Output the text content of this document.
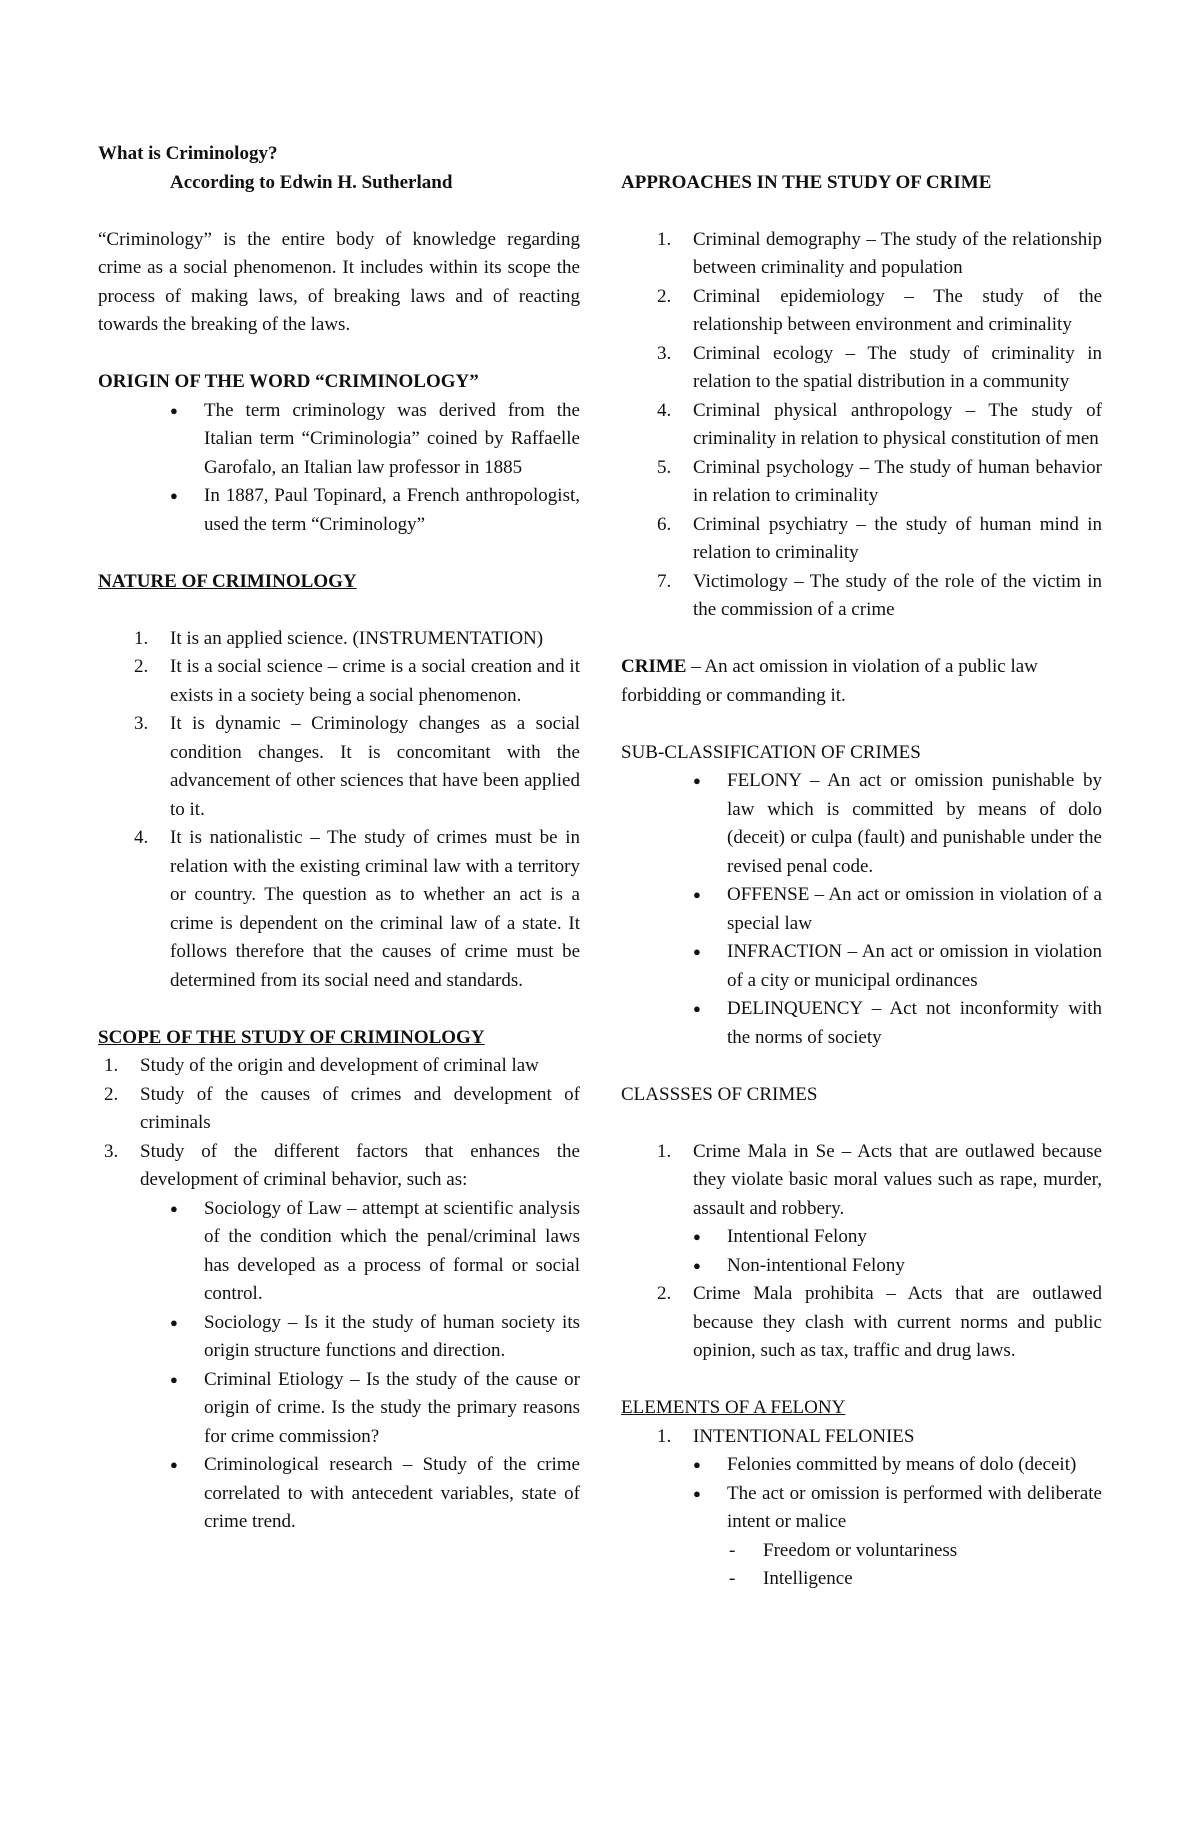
What is Criminology?

According to Edwin H. Sutherland

“Criminology” is the entire body of knowledge regarding crime as a social phenomenon. It includes within its scope the process of making laws, of breaking laws and of reacting towards the breaking of the laws.

ORIGIN OF THE WORD “CRIMINOLOGY”

● The term criminology was derived from the Italian term “Criminologia” coined by Raffaelle Garofalo, an Italian law professor in 1885
● In 1887, Paul Topinard, a French anthropologist, used the term “Criminology”

NATURE OF CRIMINOLOGY

1.	It is an applied science. (INSTRUMENTATION)
2.	It is a social science – crime is a social creation and it exists in a society being a social phenomenon.
3.	It is dynamic – Criminology changes as a social condition changes. It is concomitant with the advancement of other sciences that have been applied to it.
4.	It is nationalistic – The study of crimes must be in relation with the existing criminal law with a territory or country. The question as to whether an act is a crime is dependent on the criminal law of a state. It follows therefore that the causes of crime must be determined from its social need and standards.

SCOPE OF THE STUDY OF CRIMINOLOGY

1.	Study of the origin and development of criminal law
2.	Study of the causes of crimes and development of criminals
3.	Study of the different factors that enhances the development of criminal behavior, such as:
● Sociology of Law – attempt at scientific analysis of the condition which the penal/criminal laws has developed as a process of formal or social control.
● Sociology – Is it the study of human society its origin structure functions and direction.
● Criminal Etiology – Is the study of the cause or origin of crime. Is the study the primary reasons for crime commission?
● Criminological research – Study of the crime correlated to with antecedent variables, state of crime trend.

APPROACHES IN THE STUDY OF CRIME

1.	Criminal demography – The study of the relationship between criminality and population
2.	Criminal epidemiology – The study of the relationship between environment and criminality
3.	Criminal ecology – The study of criminality in relation to the spatial distribution in a community
4.	Criminal physical anthropology – The study of criminality in relation to physical constitution of men
5.	Criminal psychology – The study of human behavior in relation to criminality
6.	Criminal psychiatry – the study of human mind in relation to criminality
7.	Victimology – The study of the role of the victim in the commission of a crime

CRIME – An act omission in violation of a public law forbidding or commanding it.

SUB-CLASSIFICATION OF CRIMES

● FELONY – An act or omission punishable by law which is committed by means of dolo (deceit) or culpa (fault) and punishable under the revised penal code.
● OFFENSE – An act or omission in violation of a special law
● INFRACTION – An act or omission in violation of a city or municipal ordinances
● DELINQUENCY – Act not inconformity with the norms of society

CLASSSES OF CRIMES

1.	Crime Mala in Se – Acts that are outlawed because they violate basic moral values such as rape, murder, assault and robbery.
● Intentional Felony
● Non-intentional Felony
2.	Crime Mala prohibita – Acts that are outlawed because they clash with current norms and public opinion, such as tax, traffic and drug laws.

ELEMENTS OF A FELONY

1.	INTENTIONAL FELONIES
● Felonies committed by means of dolo (deceit)
● The act or omission is performed with deliberate intent or malice
- Freedom or voluntariness
- Intelligence
